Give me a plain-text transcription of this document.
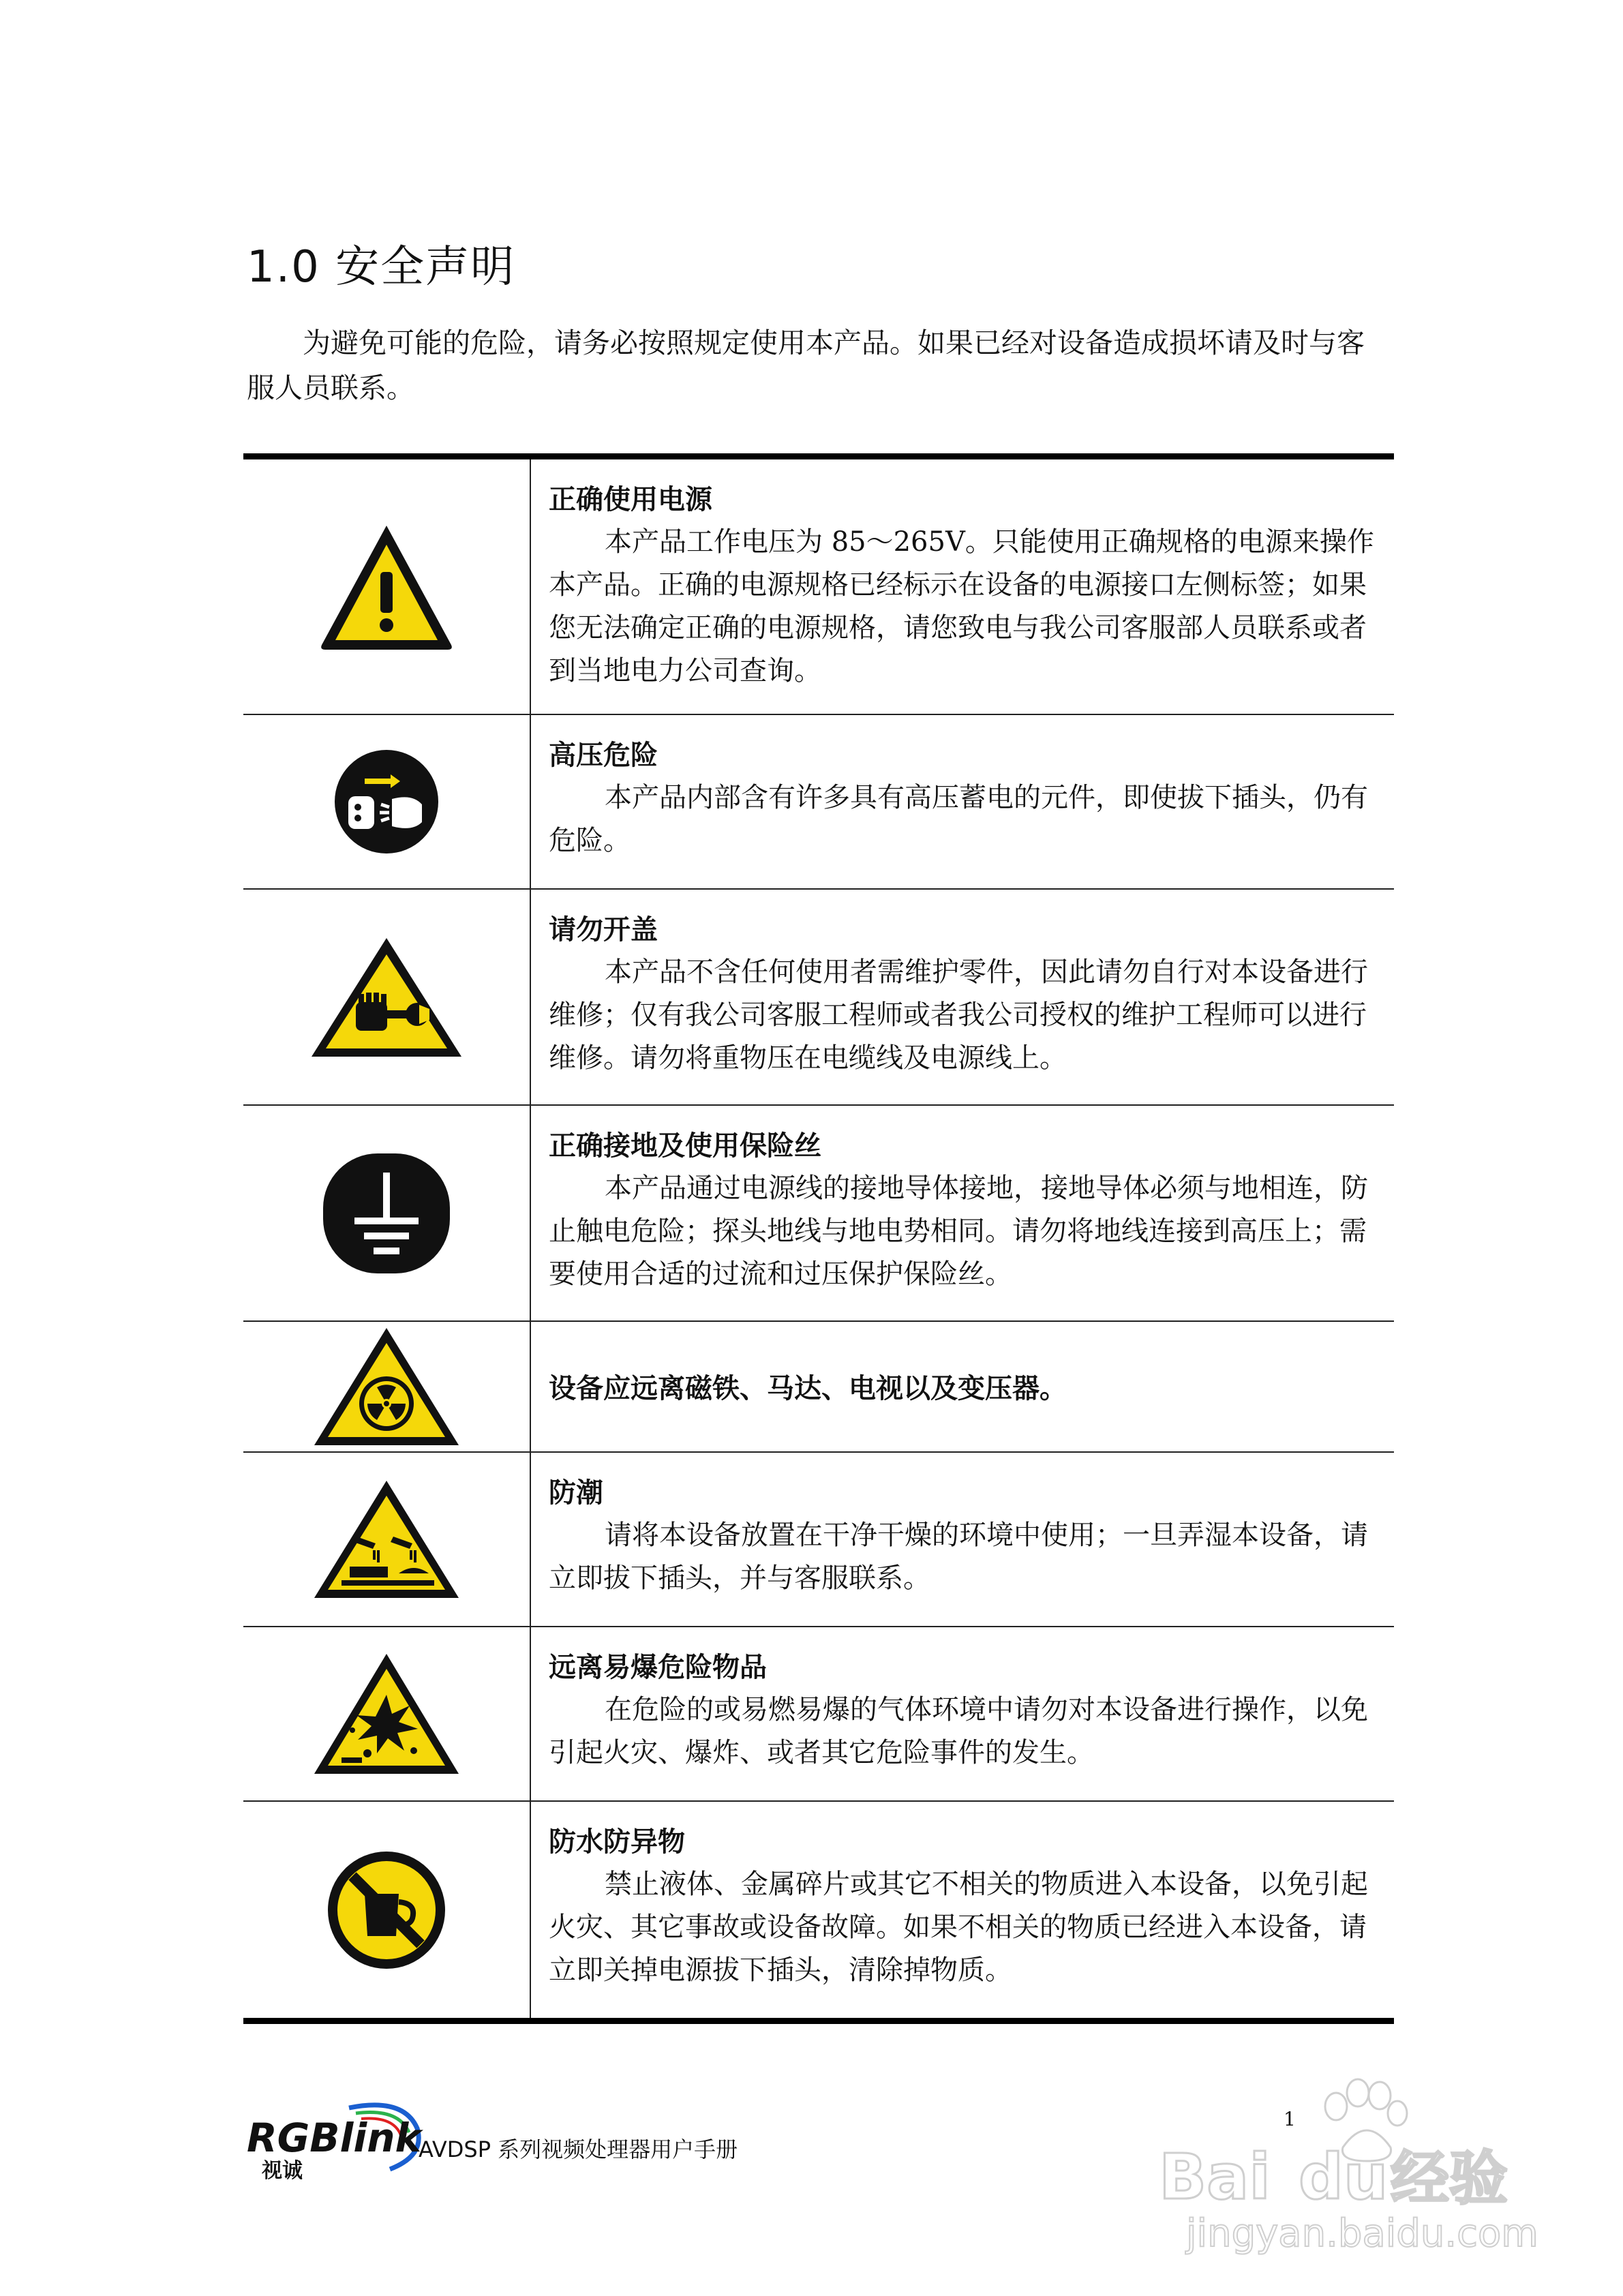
1.0 安全声明

为避免可能的危险，请务必按照规定使用本产品。如果已经对设备造成损坏请及时与客服人员联系。

正确使用电源

本产品工作电压为 85～265V。只能使用正确规格的电源来操作本产品。正确的电源规格已经标示在设备的电源接口左侧标签；如果您无法确定正确的电源规格，请您致电与我公司客服部人员联系或者到当地电力公司查询。

高压危险

本产品内部含有许多具有高压蓄电的元件，即使拔下插头，仍有危险。

请勿开盖

本产品不含任何使用者需维护零件，因此请勿自行对本设备进行维修；仅有我公司客服工程师或者我公司授权的维护工程师可以进行维修。请勿将重物压在电缆线及电源线上。

正确接地及使用保险丝

本产品通过电源线的接地导体接地，接地导体必须与地相连，防止触电危险；探头地线与地电势相同。请勿将地线连接到高压上；需要使用合适的过流和过压保护保险丝。

设备应远离磁铁、马达、电视以及变压器。

防潮

请将本设备放置在干净干燥的环境中使用；一旦弄湿本设备，请立即拔下插头，并与客服联系。

远离易爆危险物品

在危险的或易燃易爆的气体环境中请勿对本设备进行操作，以免引起火灾、爆炸、或者其它危险事件的发生。

防水防异物

禁止液体、金属碎片或其它不相关的物质进入本设备，以免引起火灾、其它事故或设备故障。如果不相关的物质已经进入本设备，请立即关掉电源拔下插头，清除掉物质。

RGBlink
视诚
AVDSP 系列视频处理器用户手册
1
Bai du 经验
jingyan.baidu.com
